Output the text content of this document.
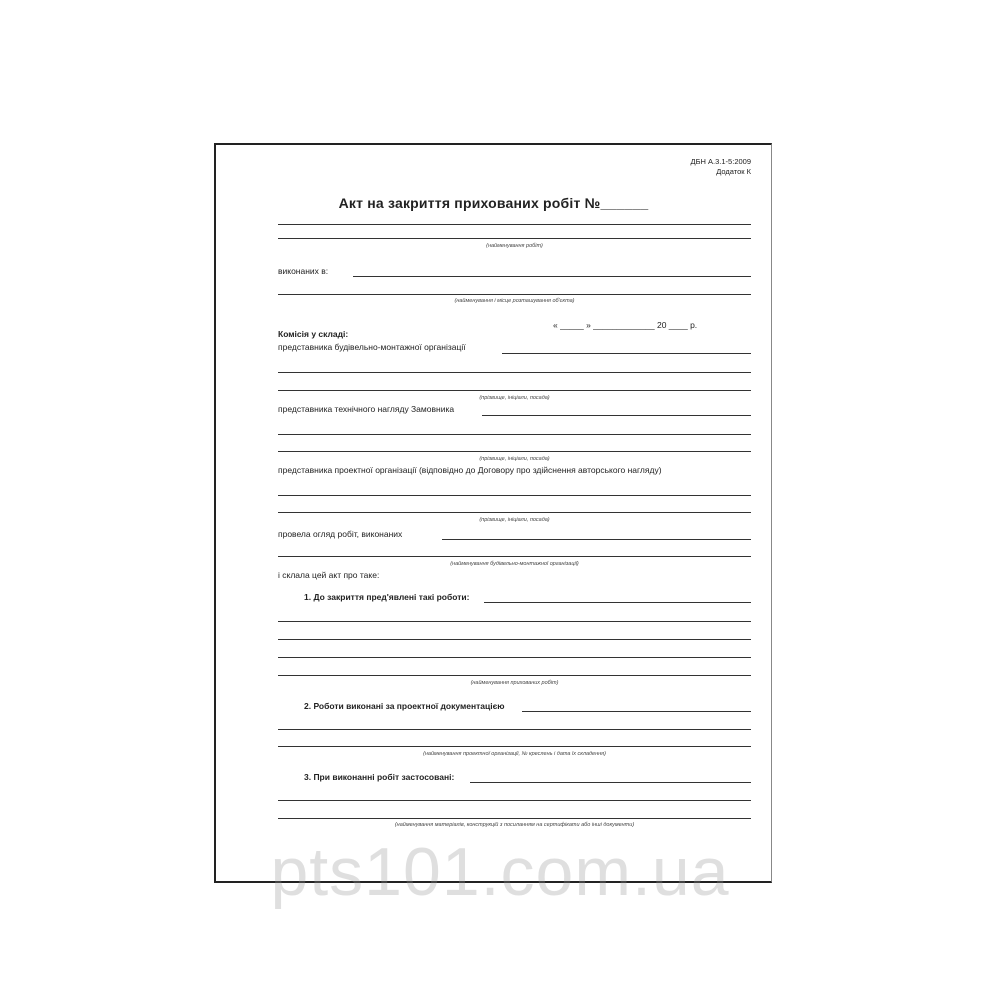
ДБН А.3.1-5:2009
Додаток К
Акт на закриття прихованих робіт №______
(найменування робіт)
виконаних в:
(найменування і місце розташування об'єкта)
« _____ » _____________ 20 ____ р.
Комісія у складі:
представника будівельно-монтажної організації
(прізвище, ініціали, посада)
представника технічного нагляду Замовника
(прізвище, ініціали, посада)
представника проектної організації (відповідно до Договору про здійснення авторського нагляду)
(прізвище, ініціали, посада)
провела огляд робіт, виконаних
(найменування будівельно-монтажної організації)
і склала цей акт про таке:
1. До закриття пред'явлені такі роботи:
(найменування прихованих робіт)
2. Роботи виконані за проектної документацією
(найменування проектної організації, № креслень і дата їх складення)
3. При виконанні робіт застосовані:
(найменування матеріалів, конструкцій з посиланням на сертифікати або інші документи)
pts101.com.ua
